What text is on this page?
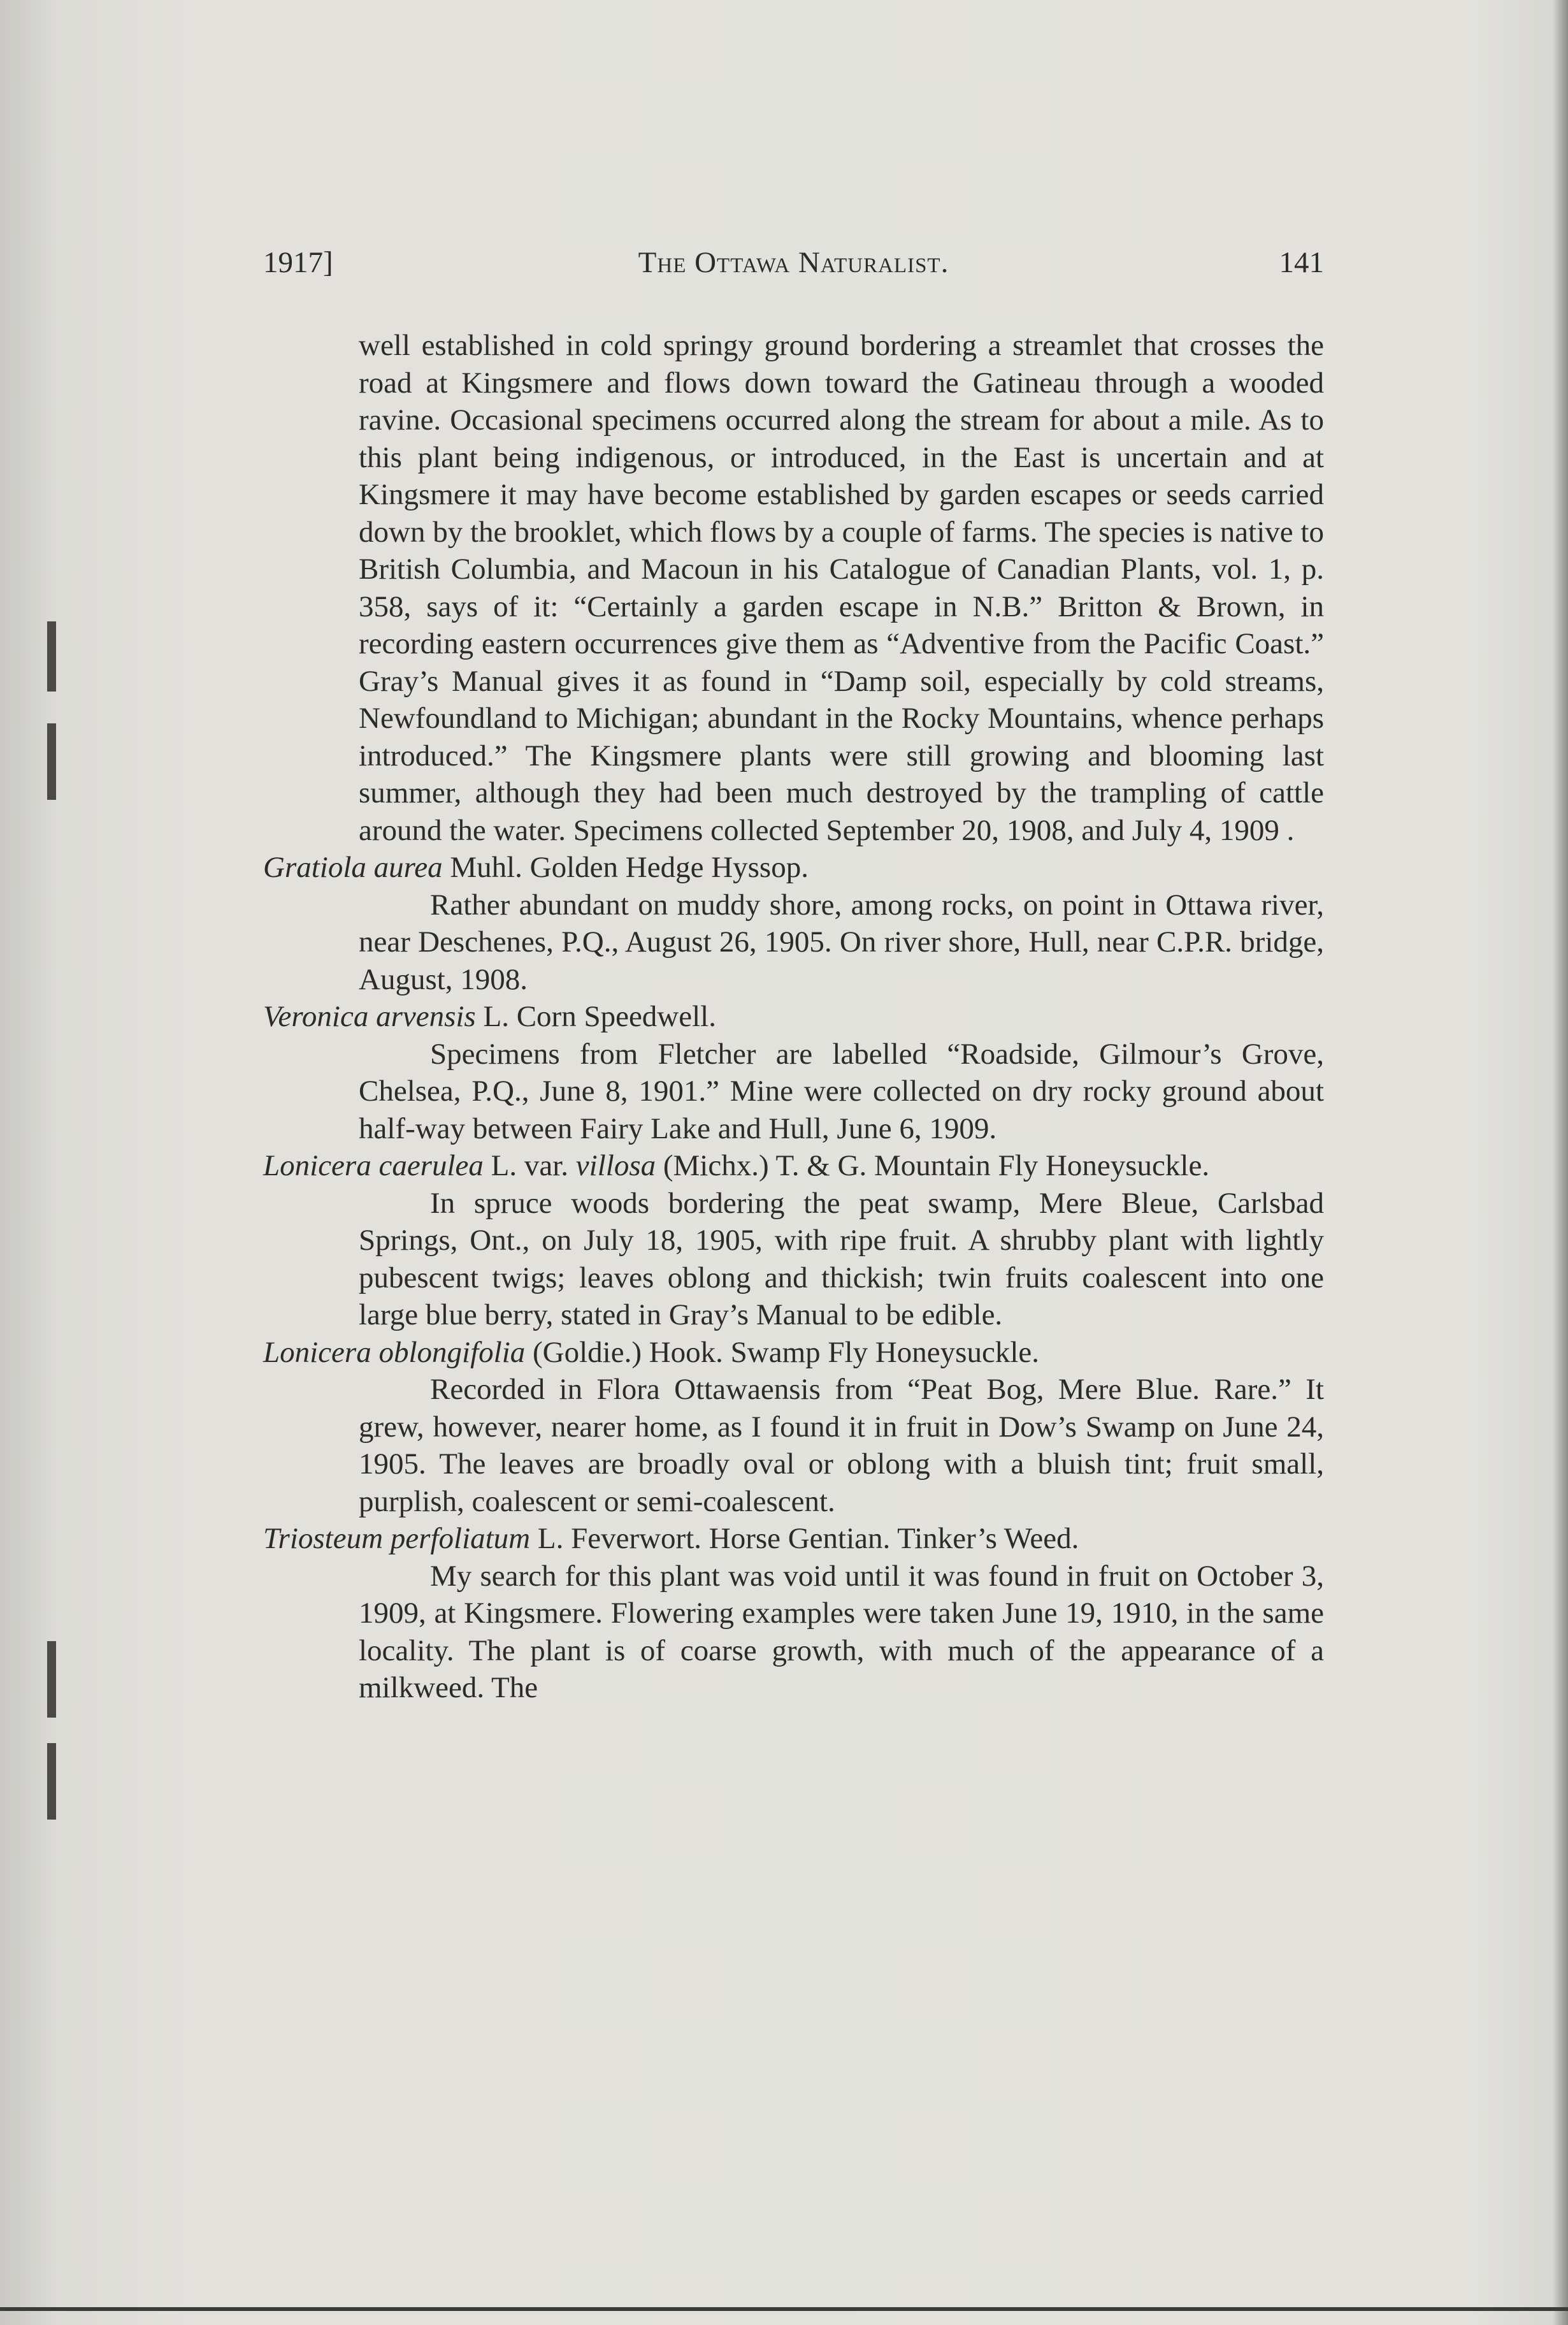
1917]	The Ottawa Naturalist.	141

well established in cold springy ground bordering a streamlet that crosses the road at Kingsmere and flows down toward the Gatineau through a wooded ravine. Occasional specimens occurred along the stream for about a mile. As to this plant being indigenous, or introduced, in the East is uncertain and at Kingsmere it may have become established by garden escapes or seeds carried down by the brooklet, which flows by a couple of farms. The species is native to British Columbia, and Macoun in his Catalogue of Canadian Plants, vol. 1, p. 358, says of it: “Certainly a garden escape in N.B.” Britton & Brown, in recording eastern occurrences give them as “Adventive from the Pacific Coast.” Gray’s Manual gives it as found in “Damp soil, especially by cold streams, Newfoundland to Michigan; abundant in the Rocky Mountains, whence perhaps introduced.” The Kingsmere plants were still growing and blooming last summer, although they had been much destroyed by the trampling of cattle around the water. Specimens collected September 20, 1908, and July 4, 1909 .

Gratiola aurea Muhl. Golden Hedge Hyssop.

Rather abundant on muddy shore, among rocks, on point in Ottawa river, near Deschenes, P.Q., August 26, 1905. On river shore, Hull, near C.P.R. bridge, August, 1908.

Veronica arvensis L. Corn Speedwell.

Specimens from Fletcher are labelled “Roadside, Gilmour’s Grove, Chelsea, P.Q., June 8, 1901.” Mine were collected on dry rocky ground about half-way between Fairy Lake and Hull, June 6, 1909.

Lonicera caerulea L. var. villosa (Michx.) T. & G. Mountain Fly Honeysuckle.

In spruce woods bordering the peat swamp, Mere Bleue, Carlsbad Springs, Ont., on July 18, 1905, with ripe fruit. A shrubby plant with lightly pubescent twigs; leaves oblong and thickish; twin fruits coalescent into one large blue berry, stated in Gray’s Manual to be edible.

Lonicera oblongifolia (Goldie.) Hook. Swamp Fly Honeysuckle.

Recorded in Flora Ottawaensis from “Peat Bog, Mere Blue. Rare.” It grew, however, nearer home, as I found it in fruit in Dow’s Swamp on June 24, 1905. The leaves are broadly oval or oblong with a bluish tint; fruit small, purplish, coalescent or semi-coalescent.

Triosteum perfoliatum L. Feverwort. Horse Gentian. Tinker’s Weed.

My search for this plant was void until it was found in fruit on October 3, 1909, at Kingsmere. Flowering examples were taken June 19, 1910, in the same locality. The plant is of coarse growth, with much of the appearance of a milkweed. The
